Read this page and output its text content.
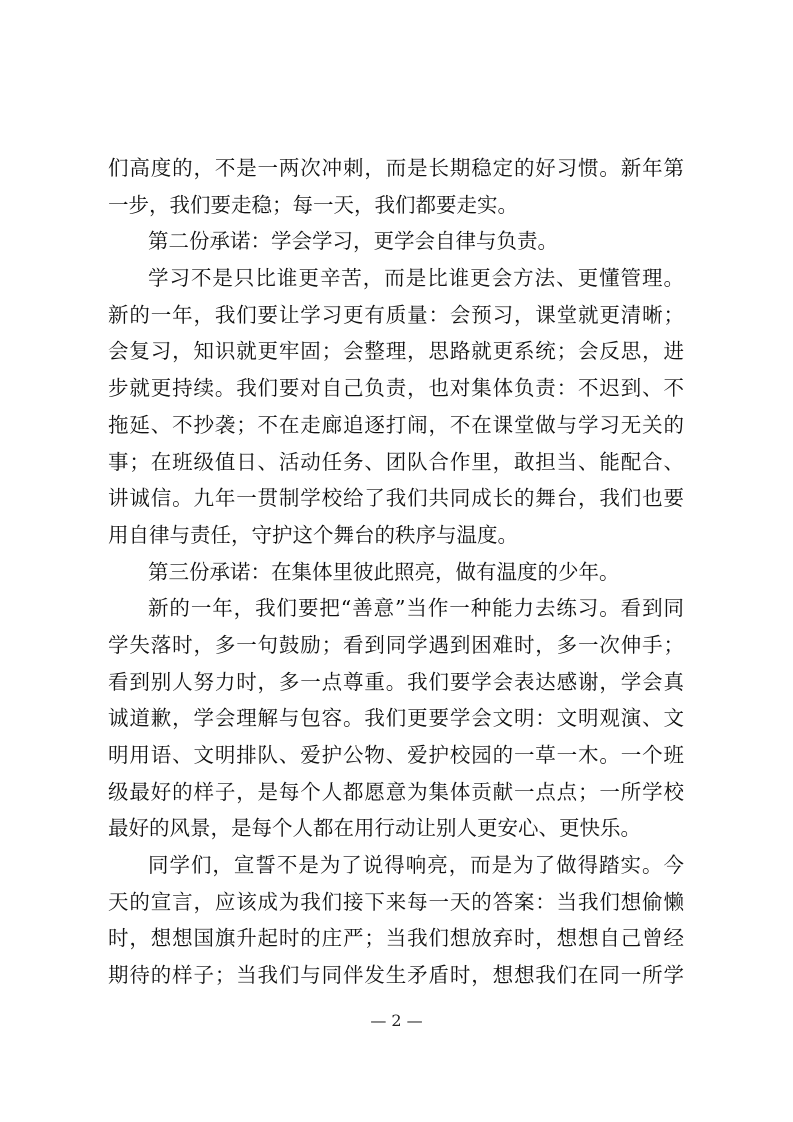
们高度的，不是一两次冲刺，而是长期稳定的好习惯。新年第
一步，我们要走稳；每一天，我们都要走实。
第二份承诺：学会学习，更学会自律与负责。
学习不是只比谁更辛苦，而是比谁更会方法、更懂管理。
新的一年，我们要让学习更有质量：会预习，课堂就更清晰；
会复习，知识就更牢固；会整理，思路就更系统；会反思，进
步就更持续。我们要对自己负责，也对集体负责：不迟到、不
拖延、不抄袭；不在走廊追逐打闹，不在课堂做与学习无关的
事；在班级值日、活动任务、团队合作里，敢担当、能配合、
讲诚信。九年一贯制学校给了我们共同成长的舞台，我们也要
用自律与责任，守护这个舞台的秩序与温度。
第三份承诺：在集体里彼此照亮，做有温度的少年。
新的一年，我们要把“善意”当作一种能力去练习。看到同
学失落时，多一句鼓励；看到同学遇到困难时，多一次伸手；
看到别人努力时，多一点尊重。我们要学会表达感谢，学会真
诚道歉，学会理解与包容。我们更要学会文明：文明观演、文
明用语、文明排队、爱护公物、爱护校园的一草一木。一个班
级最好的样子，是每个人都愿意为集体贡献一点点；一所学校
最好的风景，是每个人都在用行动让别人更安心、更快乐。
同学们，宣誓不是为了说得响亮，而是为了做得踏实。今
天的宣言，应该成为我们接下来每一天的答案：当我们想偷懒
时，想想国旗升起时的庄严；当我们想放弃时，想想自己曾经
期待的样子；当我们与同伴发生矛盾时，想想我们在同一所学
— 2 —
